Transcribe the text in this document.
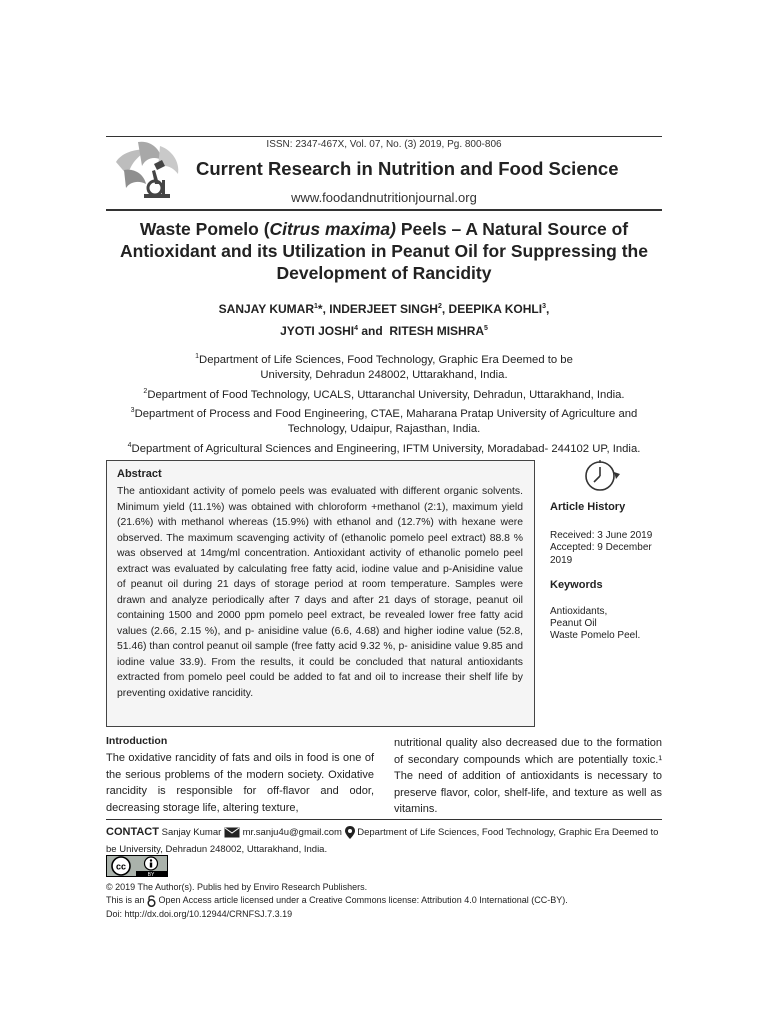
ISSN: 2347-467X, Vol. 07, No. (3) 2019, Pg. 800-806
Current Research in Nutrition and Food Science
www.foodandnutritionjournal.org
Waste Pomelo (Citrus maxima) Peels – A Natural Source of Antioxidant and its Utilization in Peanut Oil for Suppressing the Development of Rancidity
SANJAY KUMAR$^1$*, INDERJEET SINGH$^2$, DEEPIKA KOHLI$^3$,
JYOTI JOSHI$^4$ and  RITESH MISHRA$^5$
$^1$Department of Life Sciences, Food Technology, Graphic Era Deemed to be University, Dehradun 248002, Uttarakhand, India.
$^2$Department of Food Technology, UCALS, Uttaranchal University, Dehradun, Uttarakhand, India.
$^3$Department of Process and Food Engineering, CTAE, Maharana Pratap University of Agriculture and Technology, Udaipur, Rajasthan, India.
$^4$Department of Agricultural Sciences and Engineering, IFTM University, Moradabad- 244102 UP, India.
Abstract
The antioxidant activity of pomelo peels was evaluated with different organic solvents. Minimum yield (11.1%) was obtained with chloroform +methanol (2:1), maximum yield (21.6%) with methanol whereas (15.9%) with ethanol and (12.7%) with hexane were observed. The maximum scavenging activity of (ethanolic pomelo peel extract) 88.8 % was observed at 14mg/ml concentration. Antioxidant activity of ethanolic pomelo peel extract was evaluated by calculating free fatty acid, iodine value and p-Anisidine value of peanut oil during 21 days of storage period at room temperature. Samples were drawn and analyze periodically after 7 days and after 21 days of storage, peanut oil containing 1500 and 2000 ppm pomelo peel extract, be revealed lower free fatty acid values (2.66, 2.15 %), and p- anisidine value (6.6, 4.68) and higher iodine value (52.8, 51.46) than control peanut oil sample (free fatty acid 9.32 %, p- anisidine value 9.85 and iodine value 33.9). From the results, it could be concluded that natural antioxidants extracted from pomelo peel could be added to fat and oil to increase their shelf life by preventing oxidative rancidity.
Article History
Received: 3 June 2019
Accepted: 9 December 2019
Keywords
Antioxidants,
Peanut Oil
Waste Pomelo Peel.
Introduction
The oxidative rancidity of fats and oils in food is one of the serious problems of the modern society. Oxidative rancidity is responsible for off-flavor and odor, decreasing storage life, altering texture,
nutritional quality also decreased due to the formation of secondary compounds which are potentially toxic.¹ The need of addition of antioxidants is necessary to preserve flavor, color, shelf-life, and texture as well as vitamins.
CONTACT Sanjay Kumar mr.sanju4u@gmail.com Department of Life Sciences, Food Technology, Graphic Era Deemed to be University, Dehradun 248002, Uttarakhand, India.
cc
BY
© 2019 The Author(s). Publis hed by Enviro Research Publishers.
This is an Open Access article licensed under a Creative Commons license: Attribution 4.0 International (CC-BY).
Doi: http://dx.doi.org/10.12944/CRNFSJ.7.3.19
